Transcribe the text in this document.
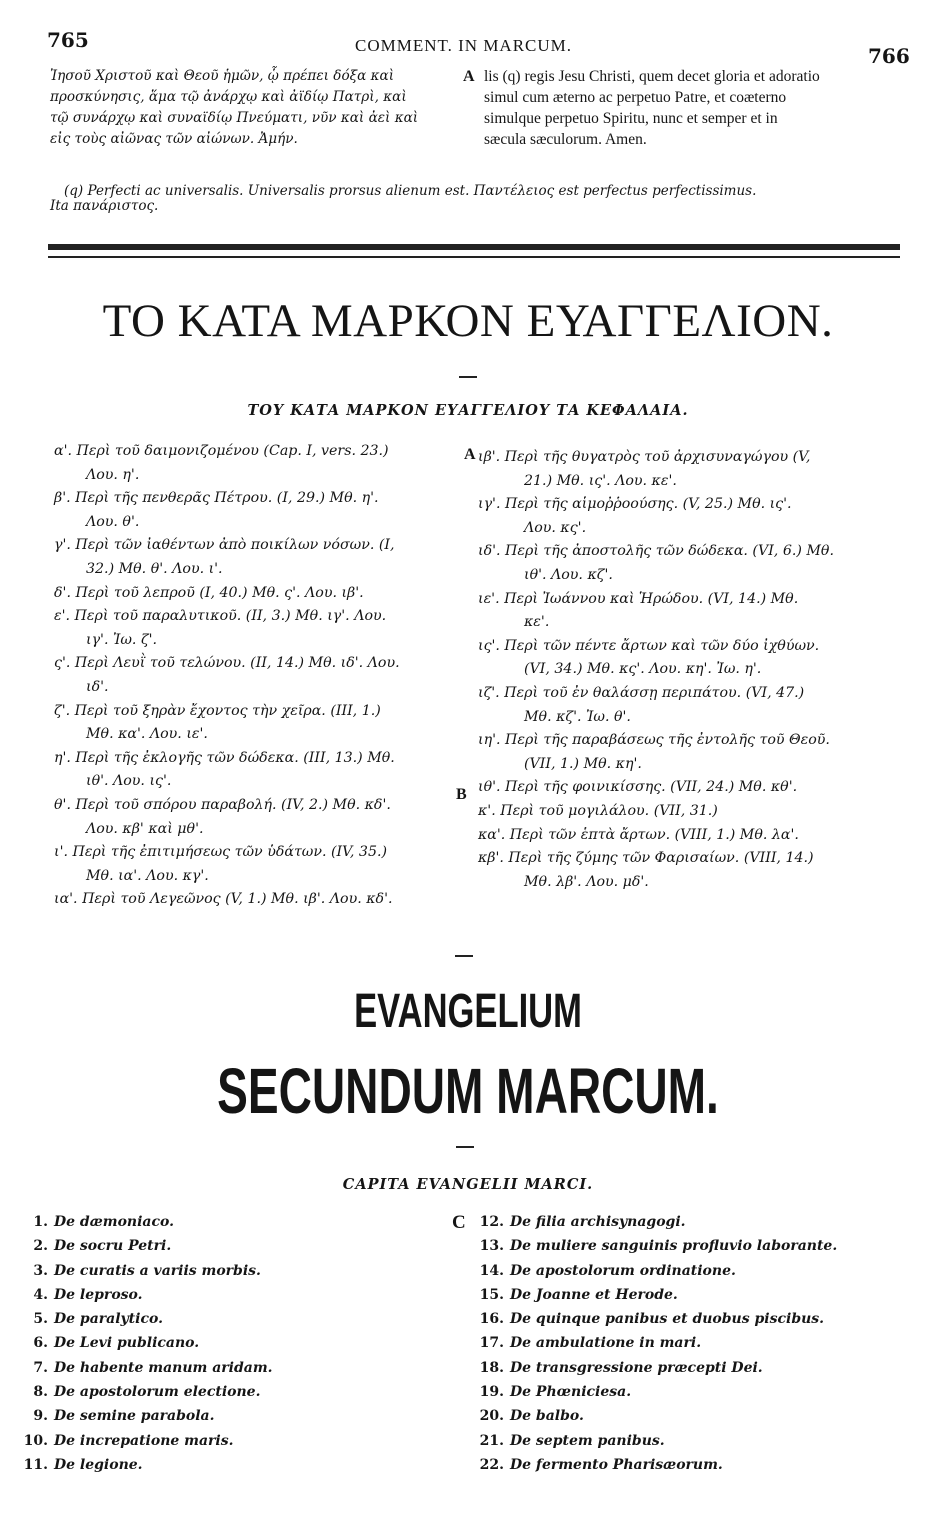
765	COMMENT. IN MARCUM.	766
Ἰησοῦ Χριστοῦ καὶ Θεοῦ ἡμῶν, ᾧ πρέπει δόξα καὶ
προσκύνησις, ἅμα τῷ ἀνάρχῳ καὶ ἀϊδίῳ Πατρὶ, καὶ
τῷ συνάρχῳ καὶ συναϊδίῳ Πνεύματι, νῦν καὶ ἀεὶ καὶ
εἰς τοὺς αἰῶνας τῶν αἰώνων. Ἀμήν.
A lis (q) regis Jesu Christi, quem decet gloria et adoratio
simul cum æterno ac perpetuo Patre, et coæterno
simulque perpetuo Spiritu, nunc et semper et in
sæcula sæculorum. Amen.
(q) Perfecti ac universalis. Universalis prorsus alienum est. Παντέλειος est perfectus perfectissimus.
Ita πανάριστος.
ΤΟ ΚΑΤΑ ΜΑΡΚΟΝ ΕΥΑΓΓΕΛΙΟΝ.
ΤΟΥ ΚΑΤΑ ΜΑΡΚΟΝ ΕΥΑΓΓΕΛΙΟΥ ΤΑ ΚΕΦΑΛΑΙΑ.
α'. Περὶ τοῦ δαιμονιζομένου (Cap. I, vers. 23.)
Λου. η'.
β'. Περὶ τῆς πενθερᾶς Πέτρου. (I, 29.) Μθ. η'.
Λου. θ'.
γ'. Περὶ τῶν ἰαθέντων ἀπὸ ποικίλων νόσων. (I,
32.) Μθ. θ'. Λου. ι'.
δ'. Περὶ τοῦ λεπροῦ (I, 40.) Μθ. ς'. Λου. ιβ'.
ε'. Περὶ τοῦ παραλυτικοῦ. (II, 3.) Μθ. ιγ'. Λου.
ιγ'. Ἰω. ζ'.
ς'. Περὶ Λευῒ τοῦ τελώνου. (II, 14.) Μθ. ιδ'. Λου.
ιδ'.
ζ'. Περὶ τοῦ ξηρὰν ἔχοντος τὴν χεῖρα. (III, 1.)
Μθ. κα'. Λου. ιε'.
η'. Περὶ τῆς ἐκλογῆς τῶν δώδεκα. (III, 13.) Μθ.
ιθ'. Λου. ις'.
θ'. Περὶ τοῦ σπόρου παραβολή. (IV, 2.) Μθ. κδ'.
Λου. κβ' καὶ μθ'.
ι'. Περὶ τῆς ἐπιτιμήσεως τῶν ὑδάτων. (IV, 35.)
Μθ. ια'. Λου. κγ'.
ια'. Περὶ τοῦ Λεγεῶνος (V, 1.) Μθ. ιβ'. Λου. κδ'.
A
B
ιβ'. Περὶ τῆς θυγατρὸς τοῦ ἀρχισυναγώγου (V,
21.) Μθ. ις'. Λου. κε'.
ιγ'. Περὶ τῆς αἱμοῤῥοούσης. (V, 25.) Μθ. ις'.
Λου. κς'.
ιδ'. Περὶ τῆς ἀποστολῆς τῶν δώδεκα. (VI, 6.) Μθ.
ιθ'. Λου. κζ'.
ιε'. Περὶ Ἰωάννου καὶ Ἡρώδου. (VI, 14.) Μθ.
κε'.
ις'. Περὶ τῶν πέντε ἄρτων καὶ τῶν δύο ἰχθύων.
(VI, 34.) Μθ. κς'. Λου. κη'. Ἰω. η'.
ιζ'. Περὶ τοῦ ἐν θαλάσσῃ περιπάτου. (VI, 47.)
Μθ. κζ'. Ἰω. θ'.
ιη'. Περὶ τῆς παραβάσεως τῆς ἐντολῆς τοῦ Θεοῦ.
(VII, 1.) Μθ. κη'.
ιθ'. Περὶ τῆς φοινικίσσης. (VII, 24.) Μθ. κθ'.
κ'. Περὶ τοῦ μογιλάλου. (VII, 31.)
κα'. Περὶ τῶν ἑπτὰ ἄρτων. (VIII, 1.) Μθ. λα'.
κβ'. Περὶ τῆς ζύμης τῶν Φαρισαίων. (VIII, 14.)
Μθ. λβ'. Λου. μδ'.
EVANGELIUM
SECUNDUM MARCUM.
CAPITA EVANGELII MARCI.
1. De dæmoniaco.
2. De socru Petri.
3. De curatis a variis morbis.
4. De leproso.
5. De paralytico.
6. De Levi publicano.
7. De habente manum aridam.
8. De apostolorum electione.
9. De semine parabola.
10. De increpatione maris.
11. De legione.
C 12. De filia archisynagogi.
13. De muliere sanguinis profluvio laborante.
14. De apostolorum ordinatione.
15. De Joanne et Herode.
16. De quinque panibus et duobus piscibus.
17. De ambulatione in mari.
18. De transgressione præcepti Dei.
19. De Phœniciesa.
20. De balbo.
21. De septem panibus.
22. De fermento Pharisæorum.
